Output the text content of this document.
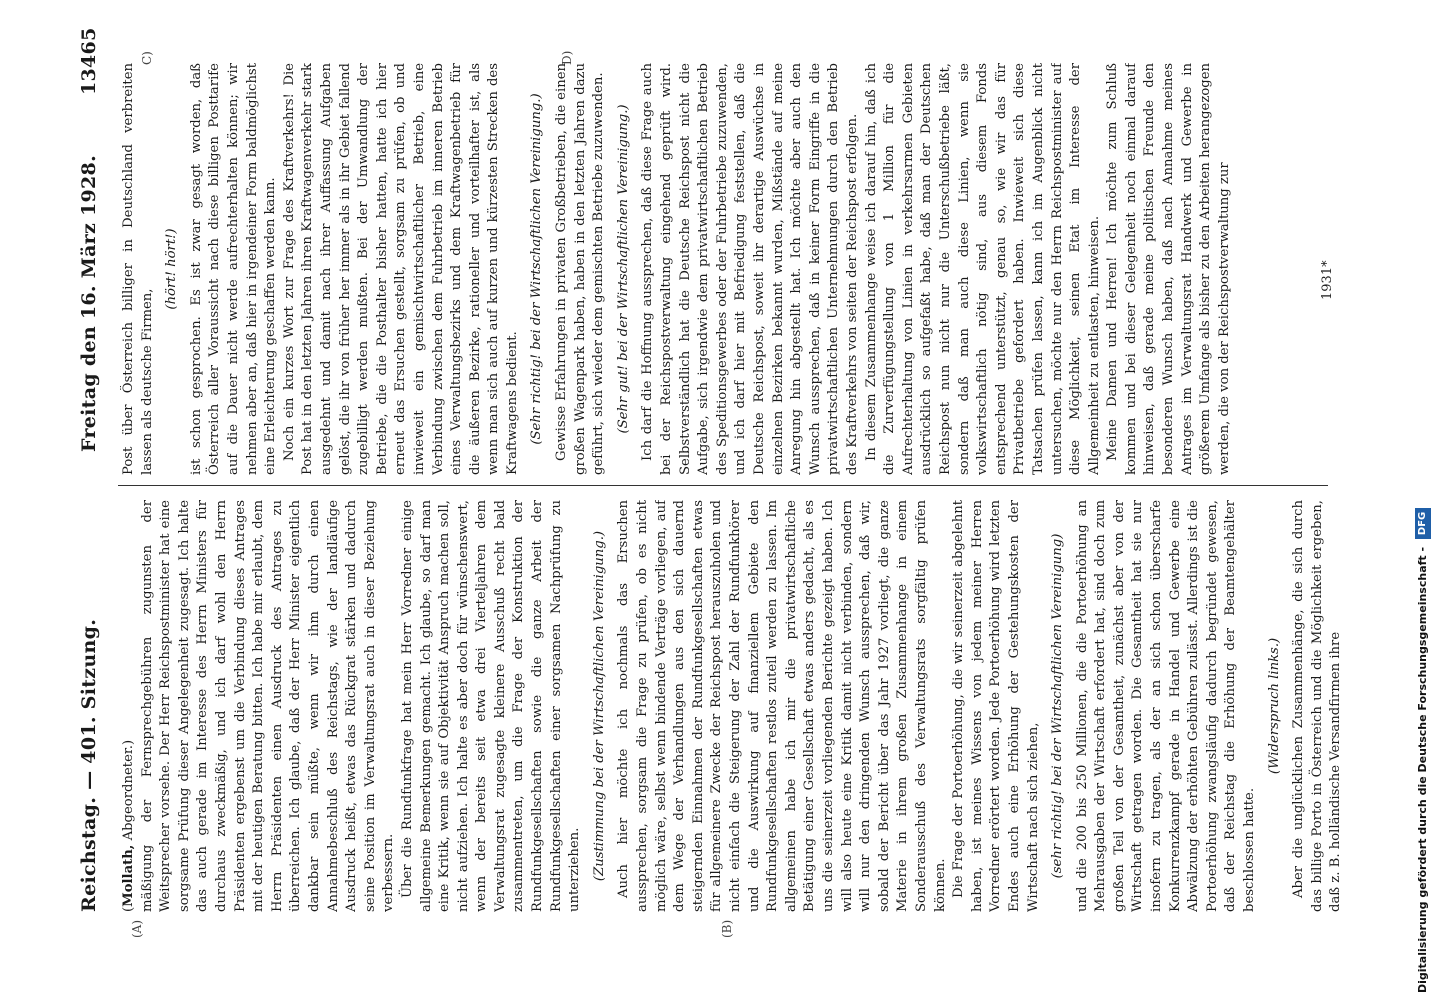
Reichstag. — 401. Sitzung.
Freitag den 16. März 1928.
13465
(A)	(B)
C)	D)

(Mollath, Abgeordneter.) mäßigung der Fernsprechgebühren zugunsten der Weitsprecher vorsehe. Der Herr Reichspostminister hat eine sorgsame Prüfung dieser Angelegenheit zugesagt. Ich halte das auch gerade im Interesse des Herrn Ministers für durchaus zweckmäßig, und ich darf wohl den Herrn Präsidenten ergebenst um die Verbindung dieses Antrages mit der heutigen Beratung bitten. Ich habe mir erlaubt, dem Herrn Präsidenten einen Ausdruck des Antrages zu überreichen. Ich glaube, daß der Herr Minister eigentlich dankbar sein müßte, wenn wir ihm durch einen Annahmebeschluß des Reichstags, wie der landläufige Ausdruck heißt, etwas das Rückgrat stärken und dadurch seine Position im Verwaltungsrat auch in dieser Beziehung verbessern. Über die Rundfunkfrage hat mein Herr Vorredner einige allgemeine Bemerkungen gemacht. Ich glaube, so darf man eine Kritik, wenn sie auf Objektivität Anspruch machen soll, nicht aufziehen. Ich halte es aber doch für wünschenswert, wenn der bereits seit etwa drei Vierteljahren dem Verwaltungsrat zugesagte kleinere Ausschuß recht bald zusammentreten, um die Frage der Konstruktion der Rundfunkgesellschaften sowie die ganze Arbeit der Rundfunkgesellschaften einer sorgsamen Nachprüfung zu unterziehen. (Zustimmung bei der Wirtschaftlichen Vereinigung.) Auch hier möchte ich nochmals das Ersuchen aussprechen, sorgsam die Frage zu prüfen, ob es nicht möglich wäre, selbst wenn bindende Verträge vorliegen, auf dem Wege der Verhandlungen aus den sich dauernd steigernden Einnahmen der Rundfunkgesellschaften etwas für allgemeinere Zwecke der Reichspost herauszuholen und nicht einfach die Steigerung der Zahl der Rundfunkhörer und die Auswirkung auf finanziellem Gebiete den Rundfunkgesellschaften restlos zuteil werden zu lassen. Im allgemeinen habe ich mir die privatwirtschaftliche Betätigung einer Gesellschaft etwas anders gedacht, als es uns die seinerzeit vorliegenden Berichte gezeigt haben. Ich will also heute eine Kritik damit nicht verbinden, sondern will nur den dringenden Wunsch aussprechen, daß wir, sobald der Bericht über das Jahr 1927 vorliegt, die ganze Materie in ihrem großen Zusammenhange in einem Sonderausschuß des Verwaltungsrats sorgfältig prüfen können. Die Frage der Portoerhöhung, die wir seinerzeit abgelehnt haben, ist meines Wissens von jedem meiner Herren Vorredner erörtert worden. Jede Portoerhöhung wird letzten Endes auch eine Erhöhung der Gestehungskosten der Wirtschaft nach sich ziehen, (sehr richtig! bei der Wirtschaftlichen Vereinigung) und die 200 bis 250 Millionen, die die Portoerhöhung an Mehrausgaben der Wirtschaft erfordert hat, sind doch zum großen Teil von der Gesamtheit, zunächst aber von der Wirtschaft getragen worden. Die Gesamtheit hat sie nur insofern zu tragen, als der an sich schon überscharfe Konkurrenzkampf gerade in Handel und Gewerbe eine Abwälzung der erhöhten Gebühren zulässt. Allerdings ist die Portoerhöhung zwangsläufig dadurch begründet gewesen, daß der Reichstag die Erhöhung der Beamtengehälter beschlossen hatte.

(Widerspruch links.) Aber die unglücklichen Zusammenhänge, die sich durch das billige Porto in Österreich und die Möglichkeit ergeben, daß z. B. holländische Versandfirmen ihre

Post über Österreich billiger in Deutschland verbreiten lassen als deutsche Firmen,

(hört! hört!) ist schon gesprochen. Es ist zwar gesagt worden, daß Österreich aller Voraussicht nach diese billigen Posttarife auf die Dauer nicht werde aufrechterhalten können; wir nehmen aber an, daß hier in irgendeiner Form baldmöglichst eine Erleichterung geschaffen werden kann. Noch ein kurzes Wort zur Frage des Kraftverkehrs! Die Post hat in den letzten Jahren ihren Kraftwagenverkehr stark ausgedehnt und damit nach ihrer Auffassung Aufgaben gelöst, die ihr von früher her immer als in ihr Gebiet fallend zugebilligt werden mußten. Bei der Umwandlung der Betriebe, die die Posthalter bisher hatten, hatte ich hier erneut das Ersuchen gestellt, sorgsam zu prüfen, ob und inwieweit ein gemischtwirtschaftlicher Betrieb, eine Verbindung zwischen dem Fuhrbetrieb im inneren Betrieb eines Verwaltungsbezirks und dem Kraftwagenbetrieb für die äußeren Bezirke, rationeller und vorteilhafter ist, als wenn man sich auch auf kurzen und kürzesten Strecken des Kraftwagens bedient. (Sehr richtig! bei der Wirtschaftlichen Vereinigung.) Gewisse Erfahrungen in privaten Großbetrieben, die einen großen Wagenpark haben, haben in den letzten Jahren dazu geführt, sich wieder dem gemischten Betriebe zuzuwenden. (Sehr gut! bei der Wirtschaftlichen Vereinigung.) Ich darf die Hoffnung aussprechen, daß diese Frage auch bei der Reichspostverwaltung eingehend geprüft wird. Selbstverständlich hat die Deutsche Reichspost nicht die Aufgabe, sich irgendwie dem privatwirtschaftlichen Betrieb des Speditionsgewerbes oder der Fuhrbetriebe zuzuwenden, und ich darf hier mit Befriedigung feststellen, daß die Deutsche Reichspost, soweit ihr derartige Auswüchse in einzelnen Bezirken bekannt wurden, Mißstände auf meine Anregung hin abgestellt hat. Ich möchte aber auch den Wunsch aussprechen, daß in keiner Form Eingriffe in die privatwirtschaftlichen Unternehmungen durch den Betrieb des Kraftverkehrs von seiten der Reichspost erfolgen. In diesem Zusammenhange weise ich darauf hin, daß ich die Zurverfügungstellung von 1 Million für die Aufrechterhaltung von Linien in verkehrsarmen Gebieten ausdrücklich so aufgefaßt habe, daß man der Deutschen Reichspost nun nicht nur die Unterschußbetriebe läßt, sondern daß man auch diese Linien, wenn sie volkswirtschaftlich nötig sind, aus diesem Fonds entsprechend unterstützt, genau so, wie wir das für Privatbetriebe gefordert haben. Inwieweit sich diese Tatsachen prüfen lassen, kann ich im Augenblick nicht untersuchen, möchte nur den Herrn Reichspostminister auf diese Möglichkeit, seinen Etat im Interesse der Allgemeinheit zu entlasten, hinweisen. Meine Damen und Herren! Ich möchte zum Schluß kommen und bei dieser Gelegenheit noch einmal darauf hinweisen, daß gerade meine politischen Freunde den besonderen Wunsch haben, daß nach Annahme meines Antrages im Verwaltungsrat Handwerk und Gewerbe in größerem Umfange als bisher zu den Arbeiten herangezogen werden, die von der Reichspostverwaltung zur	1931*
Digitalisierung gefördert durch die Deutsche Forschungsgemeinschaft - DFG
